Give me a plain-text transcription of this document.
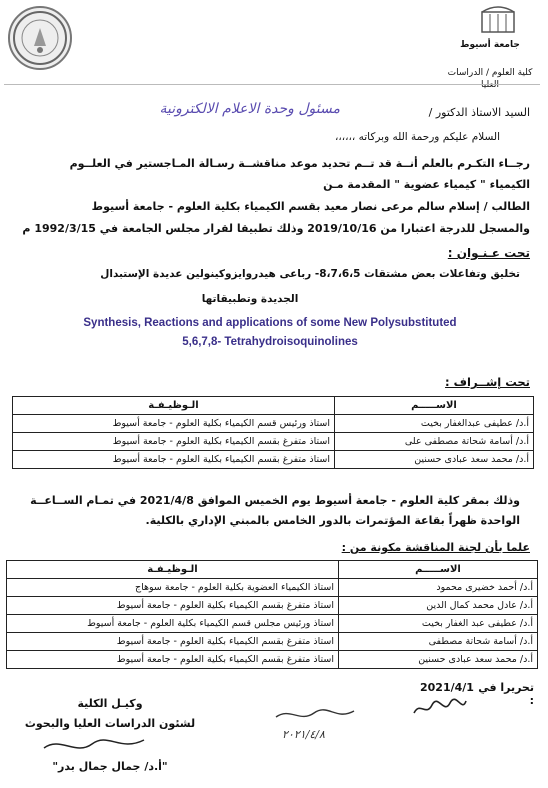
جامعة أسيوط
كلية العلوم / الدراسات
العليا
السيد الاستاذ الدكتور /
مسئول وحدة الاعلام الالكترونية
السلام عليكم ورحمة الله وبركاته ،،،،،،
رجــاء التكـرم بالعلم أنــة قد تــم تحديد موعد مناقشــة رسـالة المـاجستير في العلــوم
الكيمياء " كيمياء عضوية " المقدمة مـن
الطالب / إسلام سالم مرعى نصار معيد بقسم الكيمياء بكلية العلوم - جامعة أسيوط
والمسجل للدرجة اعتبارا من 2019/10/16 وذلك تطبيقا لقرار مجلس الجامعة في 1992/3/15 م
تحت عـنـوان :
تخليق وتفاعلات بعض مشتقات 8،7،6،5- رباعى هيدروايزوكينولين عديدة الإستبدال
الجديدة وتطبيقاتها
Synthesis, Reactions and applications of some New Polysubstituted
5,6,7,8- Tetrahydroisoquinolines
تحت إشــراف :
الاســـــم	الـوظيـفـة
أ.د/ عطيفى عبدالغفار بخيت	استاذ ورئيس قسم الكيمياء بكلية العلوم - جامعة أسيوط
أ.د/ أسامة شحاتة مصطفى على	استاذ متفرغ بقسم الكيمياء بكلية العلوم - جامعة أسيوط
أ.د/ محمد سعد عبادى حسنين	استاذ متفرغ بقسم الكيمياء بكلية العلوم - جامعة أسيوط
وذلك بمقر كلية العلوم - جامعة أسيوط يوم الخميس الموافق 2021/4/8 في تمـام الســاعــة
الواحدة ظهراً بقاعة المؤتمرات بالدور الخامس بالمبني الإداري بالكلية.
علما بأن لجنة المناقشة مكونة من :
الاســـــم	الـوظيـفـة
أ.د/ أحمد خضيرى محمود	استاذ الكيمياء العضوية بكلية العلوم - جامعة سوهاج
أ.د/ عادل محمد كمال الدين	استاذ متفرغ بقسم الكيمياء بكلية العلوم - جامعة أسيوط
أ.د/ عطيفى عبد الغفار بخيت	استاذ ورئيس مجلس قسم الكيمياء بكلية العلوم - جامعة أسيوط
أ.د/ أسامة شحاتة مصطفى	استاذ متفرغ بقسم الكيمياء بكلية العلوم - جامعة أسيوط
أ.د/ محمد سعد عبادى حسنين	استاذ متفرغ بقسم الكيمياء بكلية العلوم - جامعة أسيوط
تحريرا في :
2021/4/1
٢٠٢١/٤/٨
وكيـل الكلية
لشئون الدراسات العليا والبحوث
"أ.د/ جمال جمال بدر"
